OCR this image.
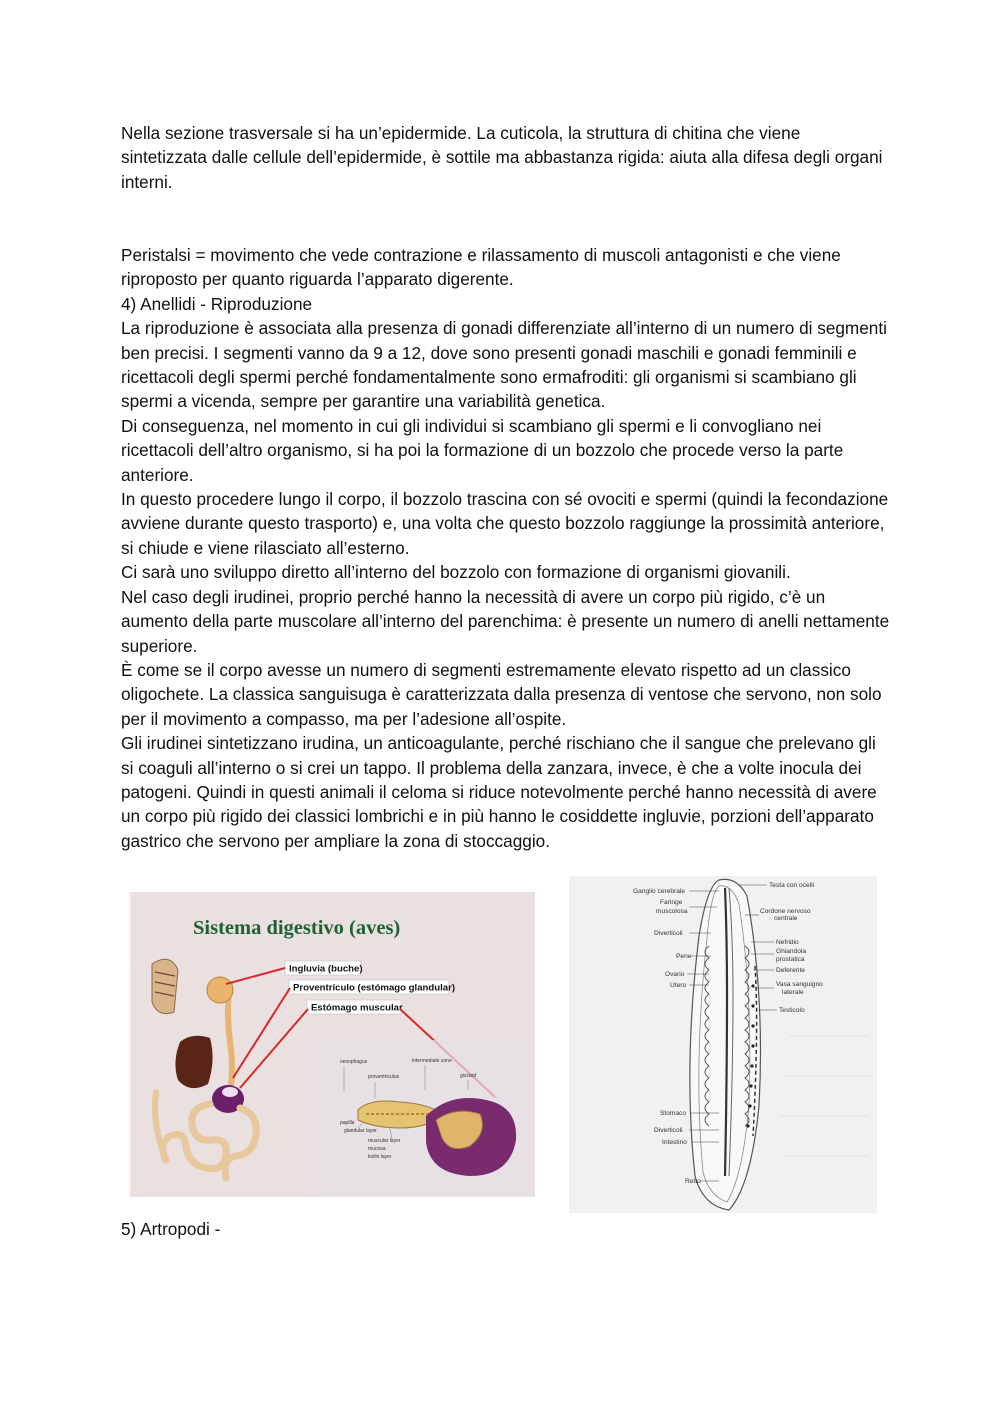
Nella sezione trasversale si ha un’epidermide. La cuticola, la struttura di chitina che viene sintetizzata dalle cellule dell’epidermide, è sottile ma abbastanza rigida: aiuta alla difesa degli organi interni.

Peristalsi = movimento che vede contrazione e rilassamento di muscoli antagonisti e che viene riproposto per quanto riguarda l’apparato digerente.

4) Anellidi - Riproduzione

La riproduzione è associata alla presenza di gonadi differenziate all’interno di un numero di segmenti ben precisi. I segmenti vanno da 9 a 12, dove sono presenti gonadi maschili e gonadi femminili e ricettacoli degli spermi perché fondamentalmente sono ermafroditi: gli organismi si scambiano gli spermi a vicenda, sempre per garantire una variabilità genetica.

Di conseguenza, nel momento in cui gli individui si scambiano gli spermi e li convogliano nei ricettacoli dell’altro organismo, si ha poi la formazione di un bozzolo che procede verso la parte anteriore.

In questo procedere lungo il corpo, il bozzolo trascina con sé ovociti e spermi (quindi la fecondazione avviene durante questo trasporto) e, una volta che questo bozzolo raggiunge la prossimità anteriore, si chiude e viene rilasciato all’esterno.

Ci sarà uno sviluppo diretto all’interno del bozzolo con formazione di organismi giovanili.

Nel caso degli irudinei, proprio perché hanno la necessità di avere un corpo più rigido, c’è un aumento della parte muscolare all’interno del parenchima: è presente un numero di anelli nettamente superiore.

È come se il corpo avesse un numero di segmenti estremamente elevato rispetto ad un classico oligochete. La classica sanguisuga è caratterizzata dalla presenza di ventose che servono, non solo per il movimento a compasso, ma per l’adesione all’ospite.

Gli irudinei sintetizzano irudina, un anticoagulante, perché rischiano che il sangue che prelevano gli si coaguli all’interno o si crei un tappo. Il problema della zanzara, invece, è che a volte inocula dei patogeni. Quindi in questi animali il celoma si riduce notevolmente perché hanno necessità di avere un corpo più rigido dei classici lombrichi e in più hanno le cosiddette ingluvie, porzioni dell’apparato gastrico che servono per ampliare la zona di stoccaggio.

Sistema digestivo (aves)
Ingluvia (buche)
Proventrículo (estómago glandular)
Estómago muscular
oesophagus	intermediate zone
proventriculus	gizzard
papilla
glandular layer
muscular layer
mucosa
koilin layer
Ganglio cerebrale
Faringe
muscolosa
Diverticoli
Pene
Ovario
Utero
Stomaco
Diverticoli
Intestino
Retto
Testa con ocelli
Cordone nervoso
centrale
Nefridio
Ghiandola
prostatica
Deferente
Vasa sanguigno
laterale
Testicolo

5) Artropodi -
